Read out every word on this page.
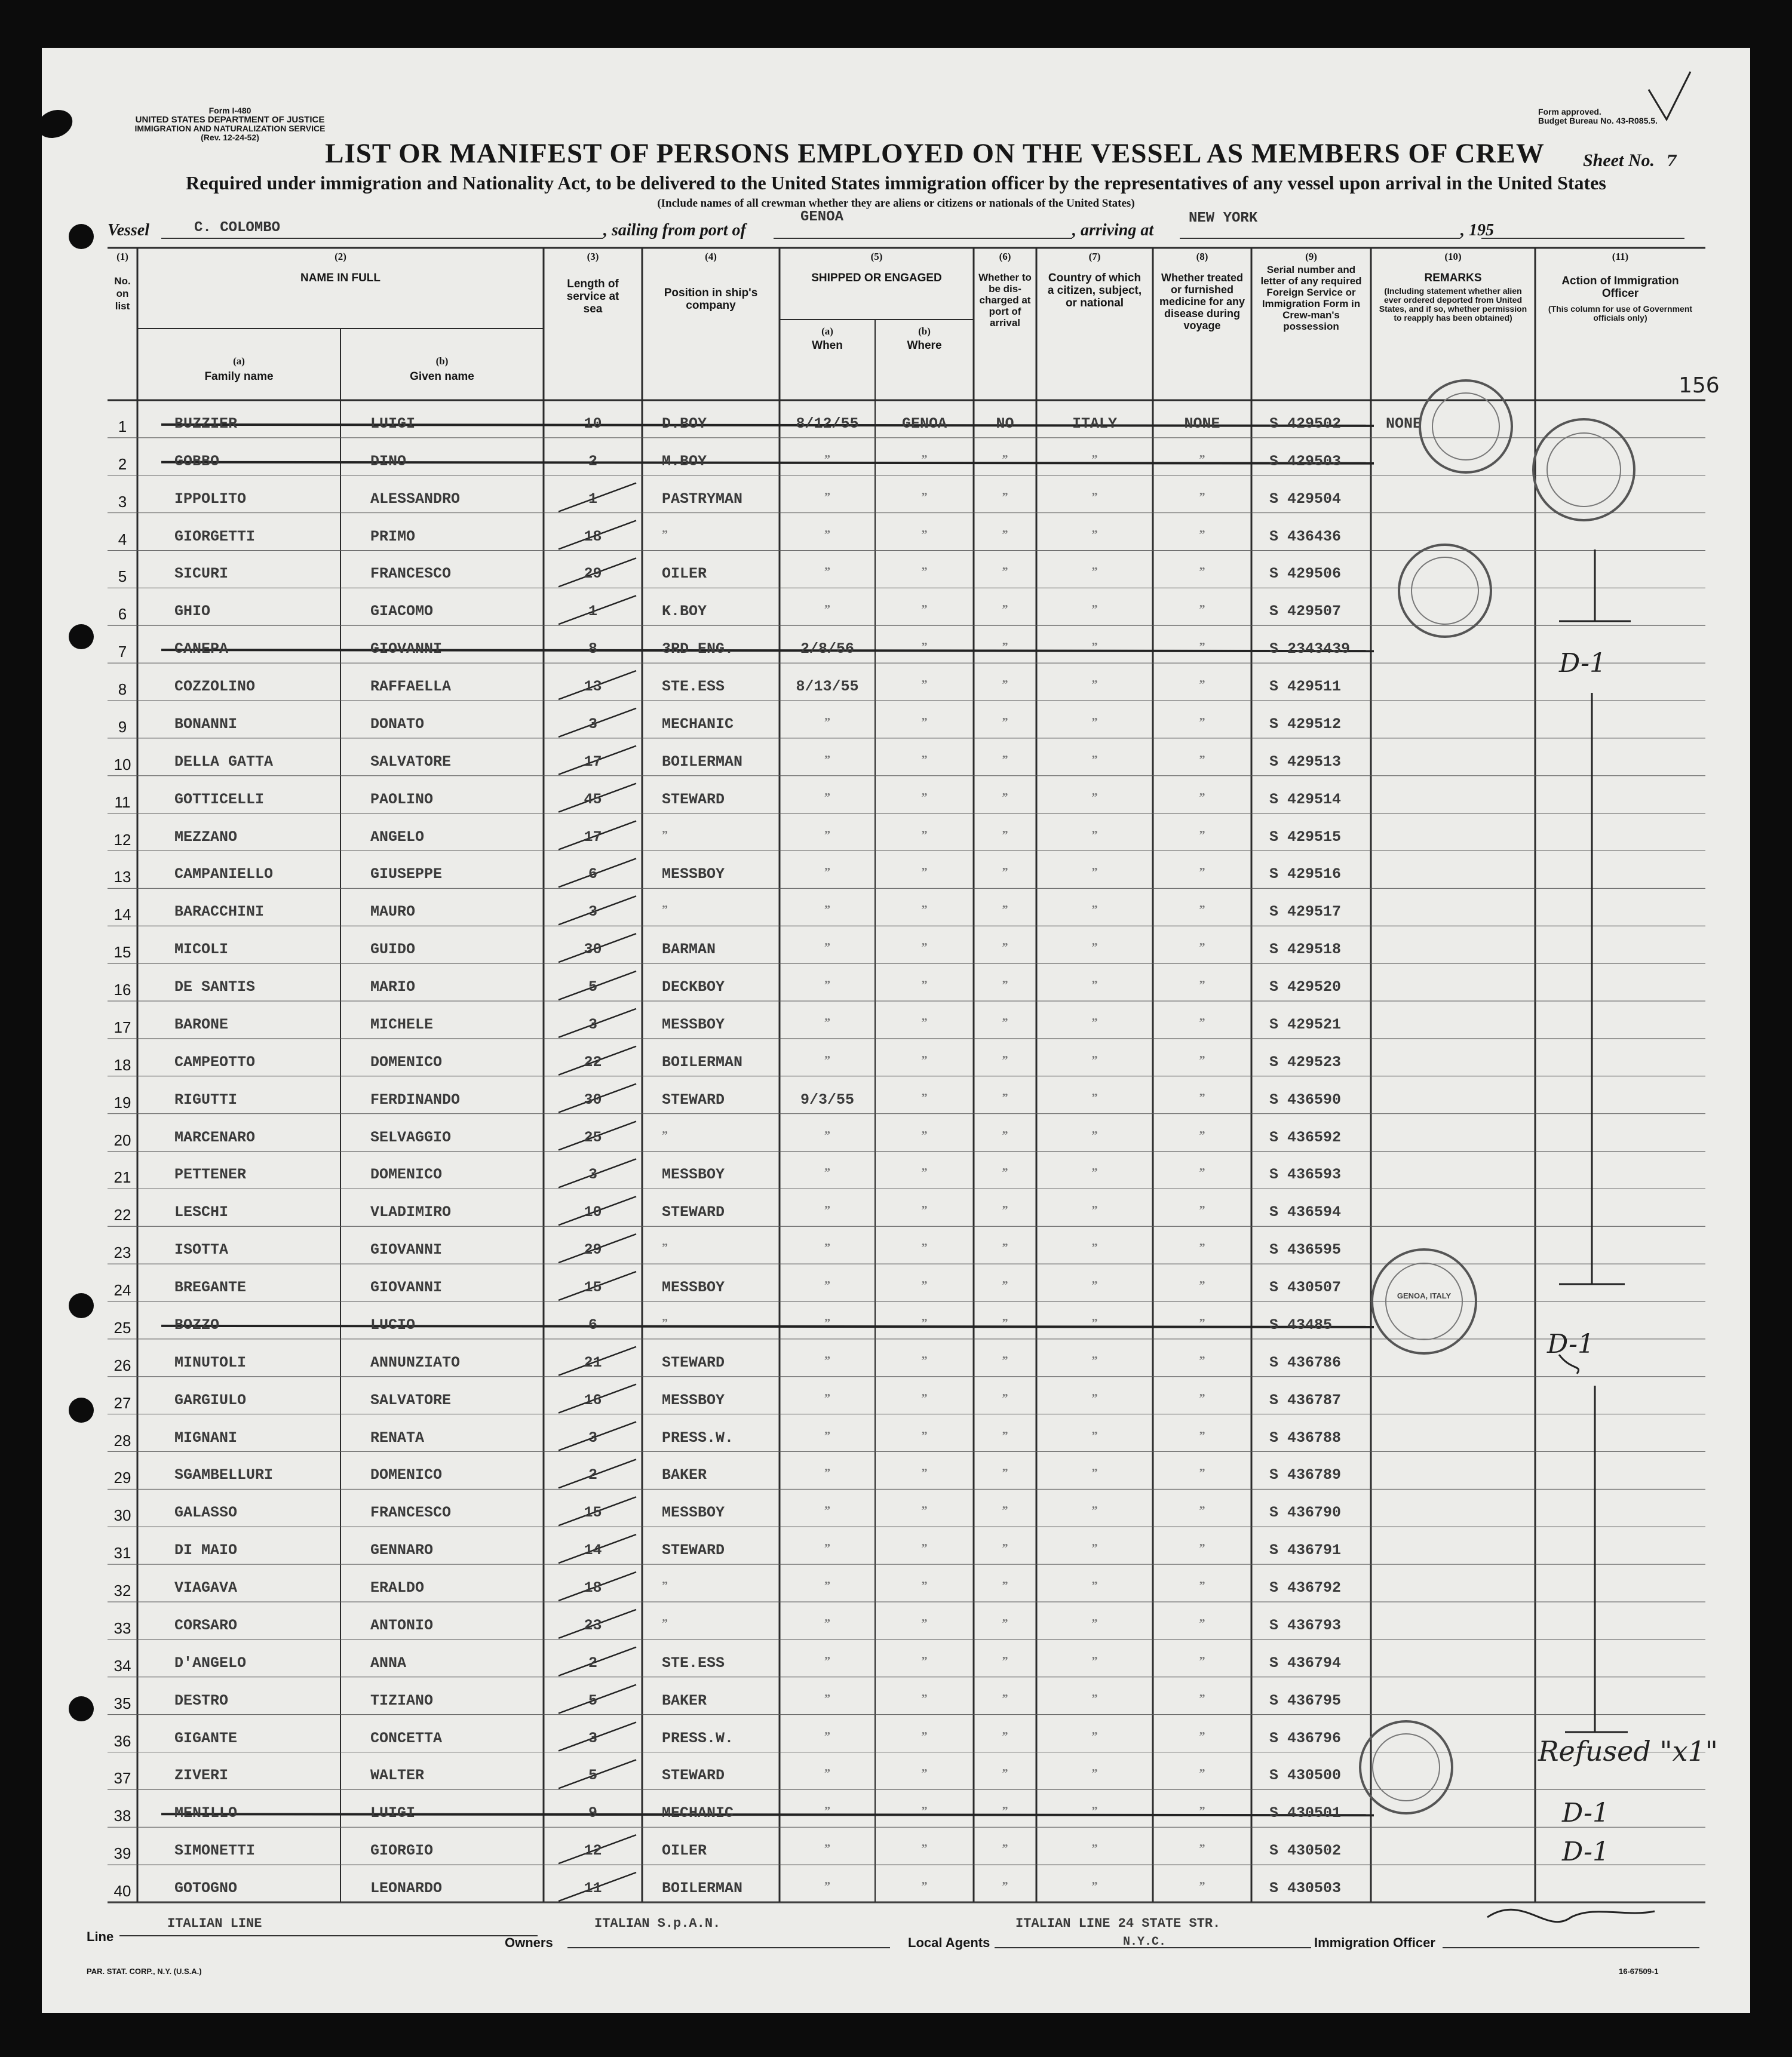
Form I-480
UNITED STATES DEPARTMENT OF JUSTICE
IMMIGRATION AND NATURALIZATION SERVICE
(Rev. 12-24-52)
Form approved.
Budget Bureau No. 43-R085.5.
LIST OR MANIFEST OF PERSONS EMPLOYED ON THE VESSEL AS MEMBERS OF CREW	Sheet No. 7
Required under immigration and Nationality Act, to be delivered to the United States immigration officer by the representatives of any vessel upon arrival in the United States
(Include names of all crewman whether they are aliens or citizens or nationals of the United States)
Vessel	C. COLOMBO	, sailing from port of
GENOA
, arriving at
NEW YORK
, 195
(1)
No. on list
(2)
NAME IN FULL
(a)
Family name
(b)
Given name
(3)
Length of service at sea
(4)
Position in ship's company
(5)
SHIPPED OR ENGAGED
(a)
When
(b)
Where
(6)
Whether to be dis-charged at port of arrival
(7)
Country of which a citizen, subject, or national
(8)
Whether treated or furnished medicine for any disease during voyage
(9)
Serial number and letter of any required Foreign Service or Immigration Form in Crew-man's possession
(10)
REMARKS
(Including statement whether alien ever ordered deported from United States, and if so, whether permission to reapply has been obtained)
(11)
Action of Immigration Officer
(This column for use of Government officials only)
1	BUZZIER	LUIGI	10	D.BOY	8/12/55	GENOA	NO	ITALY	NONE	S 429502	NONE
2	GOBBO	DINO	2	M.BOY	”	”	”	”	”	S 429503
3	IPPOLITO	ALESSANDRO	1	PASTRYMAN	”	”	”	”	”	S 429504
4	GIORGETTI	PRIMO	18	”	”	”	”	”	”	S 436436
5	SICURI	FRANCESCO	29	OILER	”	”	”	”	”	S 429506
6	GHIO	GIACOMO	1	K.BOY	”	”	”	”	”	S 429507
7	CANEPA	GIOVANNI	8	3RD ENG.	2/8/56	”	”	”	”	S 2343439
8	COZZOLINO	RAFFAELLA	13	STE.ESS	8/13/55	”	”	”	”	S 429511
9	BONANNI	DONATO	3	MECHANIC	”	”	”	”	”	S 429512
10	DELLA GATTA	SALVATORE	17	BOILERMAN	”	”	”	”	”	S 429513
11	GOTTICELLI	PAOLINO	45	STEWARD	”	”	”	”	”	S 429514
12	MEZZANO	ANGELO	17	”	”	”	”	”	”	S 429515
13	CAMPANIELLO	GIUSEPPE	6	MESSBOY	”	”	”	”	”	S 429516
14	BARACCHINI	MAURO	3	”	”	”	”	”	”	S 429517
15	MICOLI	GUIDO	30	BARMAN	”	”	”	”	”	S 429518
16	DE SANTIS	MARIO	5	DECKBOY	”	”	”	”	”	S 429520
17	BARONE	MICHELE	3	MESSBOY	”	”	”	”	”	S 429521
18	CAMPEOTTO	DOMENICO	22	BOILERMAN	”	”	”	”	”	S 429523
19	RIGUTTI	FERDINANDO	30	STEWARD	9/3/55	”	”	”	”	S 436590
20	MARCENARO	SELVAGGIO	25	”	”	”	”	”	”	S 436592
21	PETTENER	DOMENICO	3	MESSBOY	”	”	”	”	”	S 436593
22	LESCHI	VLADIMIRO	10	STEWARD	”	”	”	”	”	S 436594
23	ISOTTA	GIOVANNI	29	”	”	”	”	”	”	S 436595
24	BREGANTE	GIOVANNI	15	MESSBOY	”	”	”	”	”	S 430507
25	BOZZO	LUCIO	6	”	”	”	”	”	”	S 43485
26	MINUTOLI	ANNUNZIATO	21	STEWARD	”	”	”	”	”	S 436786
27	GARGIULO	SALVATORE	16	MESSBOY	”	”	”	”	”	S 436787
28	MIGNANI	RENATA	3	PRESS.W.	”	”	”	”	”	S 436788
29	SGAMBELLURI	DOMENICO	2	BAKER	”	”	”	”	”	S 436789
30	GALASSO	FRANCESCO	15	MESSBOY	”	”	”	”	”	S 436790
31	DI MAIO	GENNARO	14	STEWARD	”	”	”	”	”	S 436791
32	VIAGAVA	ERALDO	18	”	”	”	”	”	”	S 436792
33	CORSARO	ANTONIO	23	”	”	”	”	”	”	S 436793
34	D'ANGELO	ANNA	2	STE.ESS	”	”	”	”	”	S 436794
35	DESTRO	TIZIANO	5	BAKER	”	”	”	”	”	S 436795
36	GIGANTE	CONCETTA	3	PRESS.W.	”	”	”	”	”	S 436796
37	ZIVERI	WALTER	5	STEWARD	”	”	”	”	”	S 430500
38	MENILLO	LUIGI	9	MECHANIC	”	”	”	”	”	S 430501
39	SIMONETTI	GIORGIO	12	OILER	”	”	”	”	”	S 430502
40	GOTOGNO	LEONARDO	11	BOILERMAN	”	”	”	”	”	S 430503
GENOA, ITALY
156
D-1
D-1
Refused "x1"
D-1
D-1
Line
ITALIAN LINE	ITALIAN S.p.A.N.
Owners	Local Agents
ITALIAN LINE 24 STATE STR.
N.Y.C.	Immigration Officer
PAR. STAT. CORP., N.Y. (U.S.A.)	16-67509-1
